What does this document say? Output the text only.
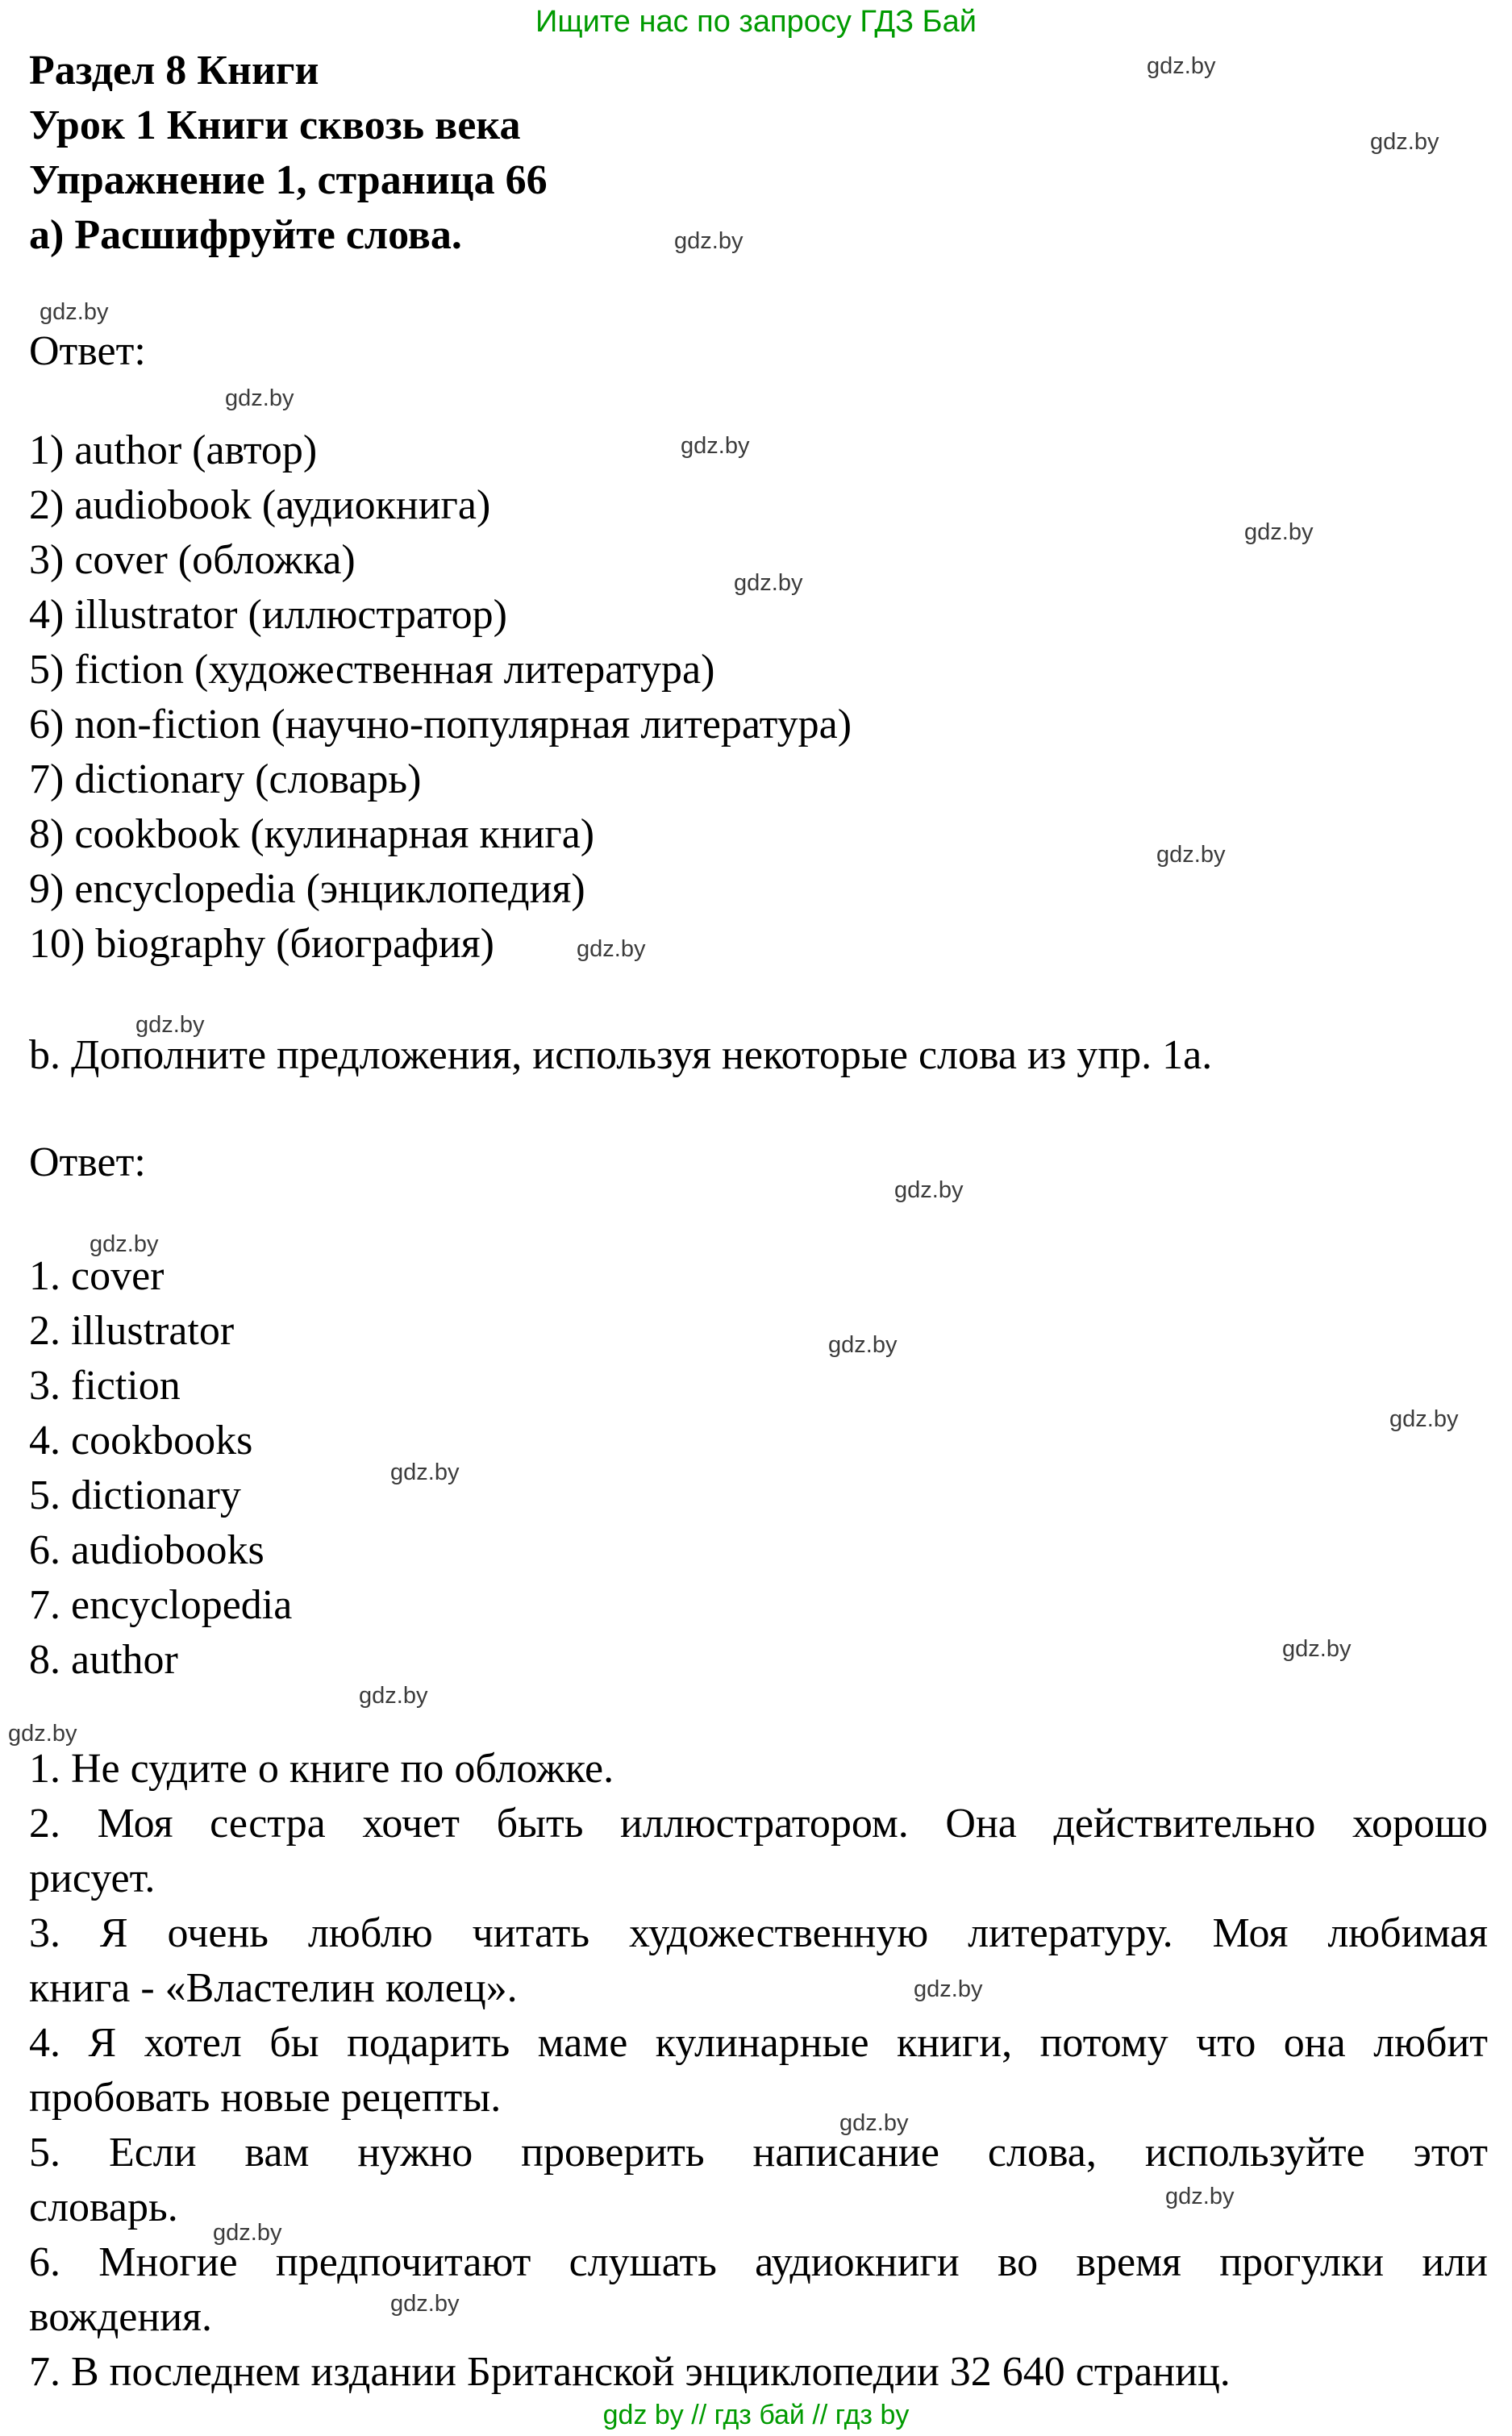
Ищите нас по запросу ГДЗ Бай
gdz.by
gdz.by
gdz.by
gdz.by
gdz.by
gdz.by
gdz.by
gdz.by
gdz.by
gdz.by
gdz.by
gdz.by
gdz.by
gdz.by
gdz.by
gdz.by
gdz.by
gdz.by
gdz.by
gdz.by
gdz.by
gdz.by
gdz.by
gdz.by
Раздел 8 Книги
Урок 1 Книги сквозь века
Упражнение 1, страница 66
а) Расшифруйте слова.
Ответ:
1) author (автор)
2) audiobook (аудиокнига)
3) cover (обложка)
4) illustrator (иллюстратор)
5) fiction (художественная литература)
6) non-fiction (научно-популярная литература)
7) dictionary (словарь)
8) cookbook (кулинарная книга)
9) encyclopedia (энциклопедия)
10) biography (биография)
b. Дополните предложения, используя некоторые слова из упр. 1а.
Ответ:
1. cover
2. illustrator
3. fiction
4. cookbooks
5. dictionary
6. audiobooks
7. encyclopedia
8. author
1. Не судите о книге по обложке.
2. Моя сестра хочет быть иллюстратором. Она действительно хорошо
рисует.
3. Я очень люблю читать художественную литературу. Моя любимая
книга - «Властелин колец».
4. Я хотел бы подарить маме кулинарные книги, потому что она любит
пробовать новые рецепты.
5. Если вам нужно проверить написание слова, используйте этот
словарь.
6. Многие предпочитают слушать аудиокниги во время прогулки или
вождения.
7. В последнем издании Британской энциклопедии 32 640 страниц.
gdz by // гдз бай // гдз by
